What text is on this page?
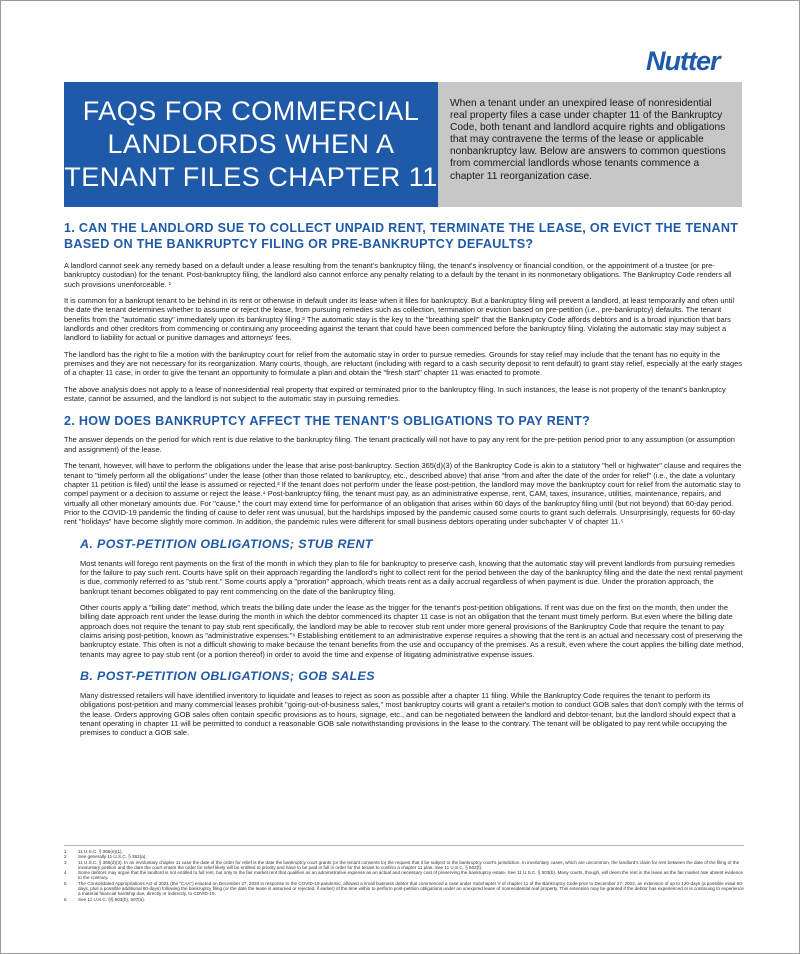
Nutter
FAQS FOR COMMERCIAL
LANDLORDS WHEN A
TENANT FILES CHAPTER 11
When a tenant under an unexpired lease of nonresidential real property files a case under chapter 11 of the Bankruptcy Code, both tenant and landlord acquire rights and obligations that may contravene the terms of the lease or applicable nonbankruptcy law. Below are answers to common questions from commercial landlords whose tenants commence a chapter 11 reorganization case.
1. CAN THE LANDLORD SUE TO COLLECT UNPAID RENT, TERMINATE THE LEASE, OR EVICT THE TENANT BASED ON THE BANKRUPTCY FILING OR PRE-BANKRUPTCY DEFAULTS?

A landlord cannot seek any remedy based on a default under a lease resulting from the tenant's bankruptcy filing, the tenant's insolvency or financial condition, or the appointment of a trustee (or pre-bankruptcy custodian) for the tenant. Post-bankruptcy filing, the landlord also cannot enforce any penalty relating to a default by the tenant in its nonmonetary obligations. The Bankruptcy Code renders all such provisions unenforceable. ¹

It is common for a bankrupt tenant to be behind in its rent or otherwise in default under its lease when it files for bankruptcy. But a bankruptcy filing will prevent a landlord, at least temporarily and often until the date the tenant determines whether to assume or reject the lease, from pursuing remedies such as collection, termination or eviction based on pre-petition (i.e., pre-bankruptcy) defaults. The tenant benefits from the "automatic stay" immediately upon its bankruptcy filing.² The automatic stay is the key to the "breathing spell" that the Bankruptcy Code affords debtors and is a broad injunction that bars landlords and other creditors from commencing or continuing any proceeding against the tenant that could have been commenced before the bankruptcy filing. Violating the automatic stay may subject a landlord to liability for actual or punitive damages and attorneys' fees.

The landlord has the right to file a motion with the bankruptcy court for relief from the automatic stay in order to pursue remedies. Grounds for stay relief may include that the tenant has no equity in the premises and they are not necessary for its reorganization. Many courts, though, are reluctant (including with regard to a cash security deposit to rent default) to grant stay relief, especially at the early stages of a chapter 11 case, in order to give the tenant an opportunity to formulate a plan and obtain the "fresh start" chapter 11 was enacted to promote.

The above analysis does not apply to a lease of nonresidential real property that expired or terminated prior to the bankruptcy filing. In such instances, the lease is not property of the tenant's bankruptcy estate, cannot be assumed, and the landlord is not subject to the automatic stay in pursuing remedies.

2. HOW DOES BANKRUPTCY AFFECT THE TENANT'S OBLIGATIONS TO PAY RENT?

The answer depends on the period for which rent is due relative to the bankruptcy filing. The tenant practically will not have to pay any rent for the pre-petition period prior to any assumption (or assumption and assignment) of the lease.

The tenant, however, will have to perform the obligations under the lease that arise post-bankruptcy. Section 365(d)(3) of the Bankruptcy Code is akin to a statutory "hell or highwater" clause and requires the tenant to "timely perform all the obligations" under the lease (other than those related to bankruptcy, etc., described above) that arise "from and after the date of the order for relief" (i.e., the date a voluntary chapter 11 petition is filed) until the lease is assumed or rejected.³ If the tenant does not perform under the lease post-petition, the landlord may move the bankruptcy court for relief from the automatic stay to compel payment or a decision to assume or reject the lease.⁴ Post-bankruptcy filing, the tenant must pay, as an administrative expense, rent, CAM, taxes, insurance, utilities, maintenance, repairs, and virtually all other monetary amounts due. For "cause," the court may extend time for performance of an obligation that arises within 60 days of the bankruptcy filing until (but not beyond) that 60-day period. Prior to the COVID-19 pandemic the finding of cause to defer rent was unusual, but the hardships imposed by the pandemic caused some courts to grant such deferrals. Unsurprisingly, requests for 60-day rent "holidays" have become slightly more common. In addition, the pandemic rules were different for small business debtors operating under subchapter V of chapter 11.⁵

A. POST-PETITION OBLIGATIONS; STUB RENT

Most tenants will forego rent payments on the first of the month in which they plan to file for bankruptcy to preserve cash, knowing that the automatic stay will prevent landlords from pursuing remedies for the failure to pay such rent. Courts have split on their approach regarding the landlord's right to collect rent for the period between the day of the bankruptcy filing and the date the next rental payment is due, commonly referred to as "stub rent." Some courts apply a "proration" approach, which treats rent as a daily accrual regardless of when payment is due. Under the proration approach, the bankrupt tenant becomes obligated to pay rent commencing on the date of the bankruptcy filing.

Other courts apply a "billing date" method, which treats the billing date under the lease as the trigger for the tenant's post-petition obligations. If rent was due on the first on the month, then under the billing date approach rent under the lease during the month in which the debtor commenced its chapter 11 case is not an obligation that the tenant must timely perform. But even where the billing date approach does not require the tenant to pay stub rent specifically, the landlord may be able to recover stub rent under more general provisions of the Bankruptcy Code that require the tenant to pay claims arising post-petition, known as "administrative expenses."⁶ Establishing entitlement to an administrative expense requires a showing that the rent is an actual and necessary cost of preserving the bankruptcy estate. This often is not a difficult showing to make because the tenant benefits from the use and occupancy of the premises. As a result, even where the court applies the billing date method, tenants may agree to pay stub rent (or a portion thereof) in order to avoid the time and expense of litigating administrative expense issues.

B. POST-PETITION OBLIGATIONS; GOB SALES

Many distressed retailers will have identified inventory to liquidate and leases to reject as soon as possible after a chapter 11 filing. While the Bankruptcy Code requires the tenant to perform its obligations post-petition and many commercial leases prohibit "going-out-of-business sales," most bankruptcy courts will grant a retailer's motion to conduct GOB sales that don't comply with the terms of the lease. Orders approving GOB sales often contain specific provisions as to hours, signage, etc., and can be negotiated between the landlord and debtor-tenant, but the landlord should expect that a tenant operating in chapter 11 will be permitted to conduct a reasonable GOB sale notwithstanding provisions in the lease to the contrary. The tenant will be obligated to pay rent while occupying the premises to conduct a GOB sale.

1	11 U.S.C. § 365(e)(1).
2	See generally 11 U.S.C. § 362(a).
3	11 U.S.C. § 365(d)(3). In an involuntary chapter 11 case the date of the order for relief is the date the bankruptcy court grants (or the tenant consents to) the request that it be subject to the bankruptcy court's jurisdiction. In involuntary cases, which are uncommon, the landlord's claim for rent between the date of the filing of the involuntary petition and the date the court enters the order for relief likely will be entitled to priority and have to be paid in full in order for the tenant to confirm a chapter 11 plan. See 11 U.S.C. § 502(f).
4	Some debtors may argue that the landlord is not entitled to full rent, but only to the fair market rent that qualifies as an administrative expense as an actual and necessary cost of preserving the bankruptcy estate. See 11 U.S.C. § 503(b). Many courts, though, will deem the rent in the lease as the fair market rate absent evidence to the contrary.
5	The Consolidated Appropriations Act of 2021 (the "CAA") enacted on December 27, 2020 in response to the COVID-19 pandemic, allowed a small business debtor that commenced a case under Subchapter V of chapter 11 of the Bankruptcy Code prior to December 27, 2022, an extension of up to 120-days (a possible initial 60-days, plus a possible additional 60-days) following the bankruptcy filing (or the date the lease is assumed or rejected, if earlier) of the time within to perform post-petition obligations under an unexpired lease of nonresidential real property. This extension may be granted if the debtor has experienced or is continuing to experience a material financial hardship due, directly or indirectly, to COVID-19.
6	See 11 U.S.C. §§ 503(b), 507(a).
